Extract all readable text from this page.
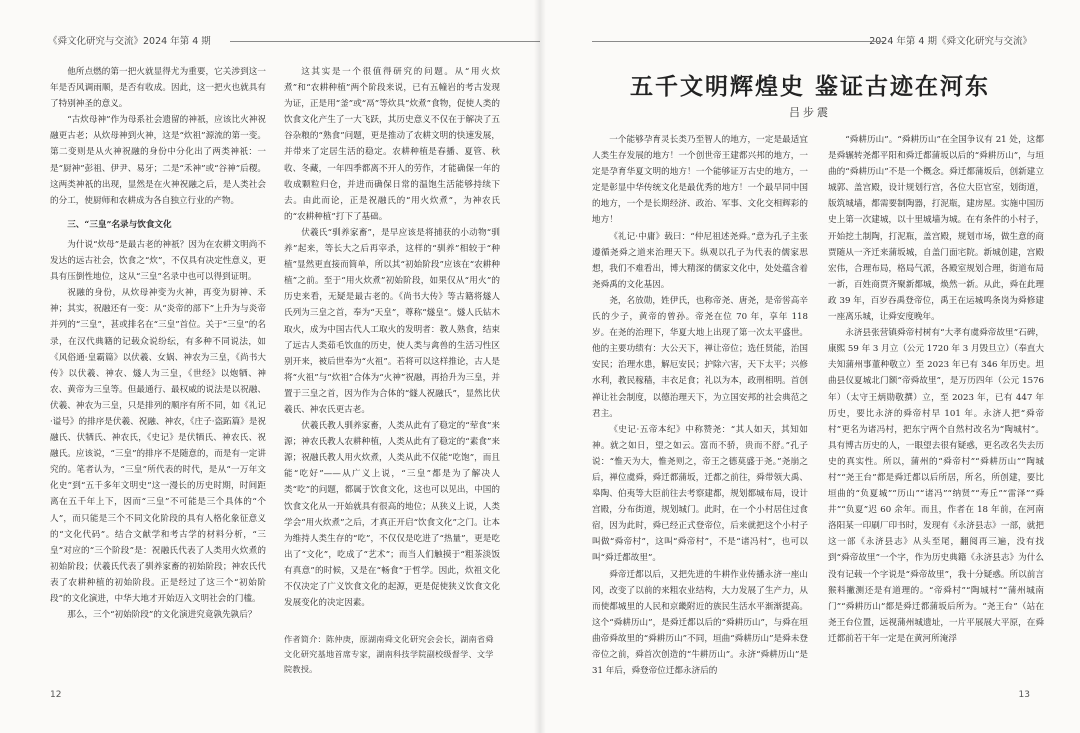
《舜文化研究与交流》2024 年第 4 期

他所点燃的第一把火就显得尤为重要，它关涉到这一年是否风调雨顺，是否有收成。因此，这一把火也就具有了特别神圣的意义。

“古炊母神”作为母系社会遗留的神祇，应该比火神祝融更古老；从炊母神到火神，这是“炊祖”源流的第一变。第二变则是从火神祝融的身份中分化出了两类神祇：一是“厨神”彭祖、伊尹、易牙；二是“禾神”或“谷神”后稷。这两类神祇的出现，显然是在火神祝融之后，是人类社会的分工，使厨师和农耕成为各自独立行业的产物。

三、“三皇”名录与饮食文化

为什说“炊母”是最古老的神祇？因为在农耕文明尚不发达的远古社会，饮食之“炊”，不仅具有决定性意义，更具有压倒性地位，这从“三皇”名录中也可以得到证明。

祝融的身份，从炊母神变为火神，再变为厨神、禾神；其实，祝融还有一变：从“炎帝的部下”上升为与炎帝并列的“三皇”，甚或排名在“三皇”首位。关于“三皇”的名录，在汉代典籍的记载众说纷纭，有多种不同说法，如《风俗通·皇霸篇》以伏羲、女娲、神农为三皇，《尚书大传》以伏羲、神农、燧人为三皇，《世经》以炮牺、神农、黄帝为三皇等。但最通行、最权威的说法是以祝融、伏羲、神农为三皇，只是排列的顺序有所不同，如《礼记·谥号》的排序是伏羲、祝融、神农，《庄子·盗跖篇》是祝融氏、伏牺氏、神农氏，《史记》是伏牺氏、神农氏、祝融氏。应该说，“三皇”的排序不是随意的，而是有一定讲究的。笔者认为，“三皇”所代表的时代，是从“一万年文化史”到“五千多年文明史”这一漫长的历史时期，时间距离在五千年上下，因而“三皇”不可能是三个具体的“个人”，而只能是三个不同文化阶段的具有人格化象征意义的“文化代码”。结合文献学和考古学的材料分析，“三皇”对应的“三个阶段”是：祝融氏代表了人类用火炊煮的初始阶段；伏羲氏代表了驯养家畜的初始阶段；神农氏代表了农耕种植的初始阶段。正是经过了这三个“初始阶段”的文化演进，中华大地才开始迈入文明社会的门槛。

那么，三个“初始阶段”的文化演进究竟孰先孰后？

这其实是一个很值得研究的问题。从“用火炊煮”和“农耕种植”两个阶段来说，已有五幢岩的考古发现为证，正是用“釜”或“鬲”等炊具“炊煮”食物，促使人类的饮食文化产生了一大飞跃，其历史意义不仅在于解决了五谷杂粮的“熟食”问题，更是推动了农耕文明的快速发展，并带来了定居生活的稳定。农耕种植是春播、夏管、秋收、冬藏，一年四季都离不开人的劳作，才能确保一年的收成颗粒归仓，并进而确保日常的温饱生活能够持续下去。由此而论，正是祝融氏的“用火炊煮”，为神农氏的“农耕种植”打下了基础。

伏羲氏“驯养家畜”，是早应该是将捕获的小动物“驯养”起来，等长大之后再宰杀，这样的“驯养”相较于“种植”显然更直接而简单，所以其“初始阶段”应该在“农耕种植”之前。至于“用火炊煮”初始阶段，如果仅从“用火”的历史来看，无疑是最古老的。《尚书大传》等古籍将燧人氏列为三皇之首，奉为“天皇”，尊称“燧皇”。燧人氏钻木取火，成为中国古代人工取火的发明者：教人熟食，结束了远古人类茹毛饮血的历史，使人类与禽兽的生活习性区别开来，被后世奉为“火祖”。若将可以这样推论，古人是将“火祖”与“炊祖”合体为“火神”祝融，再拾升为三皇，并置于三皇之首，因为作为合体的“燧人祝融氏”，显然比伏羲氏、神农氏更古老。

伏羲氏教人驯养家畜，人类从此有了稳定的“荤食”来源；神农氏教人农耕种植，人类从此有了稳定的“素食”来源；祝融氏教人用火炊煮，人类从此不仅能“吃饱”，而且能“吃好”——从广义上说，“三皇”都是为了解决人类“吃”的问题，都属于饮食文化，这也可以见出，中国的饮食文化从一开始就具有很高的地位；从狭义上说，人类学会“用火炊煮”之后，才真正开启“饮食文化”之门。让本为维持人类生存的“吃”，不仅仅是吃进了“热量”，更是吃出了“文化”，吃成了“艺术”；而当人们触摸于“粗茶淡饭有真意”的时候，又是在“畅食”于哲学。因此，炊祖文化不仅决定了广义饮食文化的起源，更是促使狭义饮食文化发展变化的决定因素。

作者简介：陈仲庚，原湖南舜文化研究会会长，湖南省舜文化研究基地首席专家，湖南科技学院副校级督学、文学院教授。
12
2024 年第 4 期《舜文化研究与交流》
五千文明辉煌史 鉴证古迹在河东
吕步震

一个能够孕育灵长类乃至智人的地方，一定是最适宜人类生存发展的地方！一个创世帝王建都兴邦的地方，一定是孕育华夏文明的地方！一个能够证万古史的地方，一定是彰显中华传统文化是最优秀的地方！一个最早同中国的地方，一个是长期经济、政治、军事、文化交相辉彩的地方！

《礼记·中庸》载曰：“仲尼祖述尧舜。”意为孔子主张遵循尧舜之道来治理天下。纵观以孔子为代表的儒家思想，我们不难看出，博大精深的儒家文化中，处处蕴含着尧舜禹的文化基因。

尧，名放勋，姓伊氏，也称帝尧、唐尧，是帝喾高辛氏的少子，黄帝的曾孙。帝尧在位 70 年，享年 118 岁。在尧的治理下，华夏大地上出现了第一次太平盛世。他的主要功绩有：大公天下，禅让帝位；选任贤能，治国安民；治理水患，解厄安民；护除六害，天下太平；兴修水利，教民稼穑，丰衣足食；礼以为本，政刑相明。首创禅让社会制度，以德治理天下，为立国安邦的社会典范之君主。

《史记·五帝本纪》中称赞尧：“其人如天，其知如神。就之如日，望之如云。富而不骄，贵而不舒。”孔子说：“惟天为大，惟尧则之，帝王之德莫盛于尧。”尧崩之后，禅位虞舜，舜迁都蒲坂，迁都之前往，舜带领大禹、皋陶、伯夷等大臣前往去考察建都，规划都城布局，设计宫殿，分布街道，规划城门。此时，在一个小村居住过食宿，因为此时，舜已经正式登帝位，后来就把这个小村子叫做“舜帝村”，这叫“舜帝村”，不是“诸冯村”，也可以叫“舜迁都故里”。

舜帝迁都以后，又把先进的牛耕作业传播永济一座山冈，改变了以前的来粗农业结构，大力发展了生产力，从而使都城里的人民和京畿附近的族民生活水平渐渐提高。这个“舜耕历山”，是舜迁都以后的“舜耕历山”，与舜在垣曲帝舜故里的“舜耕历山”不同，垣曲“舜耕历山”是舜未登帝位之前，舜首次创造的“牛耕历山”。永济“舜耕历山”是 31 年后，舜登帝位迁都永济后的

“舜耕历山”。“舜耕历山”在全国争议有 21 处，这都是舜辗转尧都平阳和舜迁都蒲坂以后的“舜耕历山”，与垣曲的“舜耕历山”不是一个概念。舜迁都蒲坂后，创新建立城郭、盖宫殿，设计规划行宫，各位大臣官室，划街道，版筑城墙，都需要制陶器，打泥瓶，建房屋。实施中国历史上第一次建城，以十里城墙为城。在有条件的小村子，开始挖土制陶，打泥瓶，盖宫殿，规划市场，做生意的商贾随从一齐迁来蒲坂城，自盖门面宅院。新城创建，宫殿宏伟，合理布局，格局气派，各殿室规划合理，街道布局一新，百姓商贾齐聚新都城，焕然一新。从此，舜在此理政 39 年，百岁吞禹登帝位，禹王在运城鸣条岗为舜修建一座离乐城，让舜安度晚年。

永济县张营镇舜帝村树有“大孝有虞舜帝故里”石碑，康熙 59 年 3 月立（公元 1720 年 3 月毁旦立）（奉直大夫知蒲州事董种敬立）至 2023 年已有 346 年历史。坦曲县仪夏城北门额“帝舜故里”，是万历四年（公元 1576 年）（太守王炳勋敬撰）立，至 2023 年，已有 447 年历史，要比永济的舜帝村早 101 年。永济人把“舜帝村”更名为诸冯村，把东宁两个自然村改名为“陶城村”。具有博古历史的人，一眼望去很有疑惑，更名改名失去历史的真实性。所以，蒲州的“舜帝村”“舜耕历山”“陶城村”“尧王台”都是舜迁都以后所居，所名，所创建，要比垣曲的“负夏城”“历山”“诸冯”“纳贤”“寿丘”“雷泽”“舜井”“负夏”迟 60 余年。而且，作者在 18 年前，在河南洛阳某一印刷厂印书时，发现有《永济县志》一部，就把这一部《永济县志》从头至尾，翻阅再三遍，没有找到“舜帝故里”一个字，作为历史典籍《永济县志》为什么没有记载一个字说是“舜帝故里”，我十分疑惑。所以前言猴料撇测还是有道理的。“帝舜村”“陶城村”“蒲州城南门”“舜耕历山”都是舜迁都蒲坂后所为。“尧王台”（站在尧王台位置，远视蒲州城遗址，一片平展展大平原，在舜迁都前若干年一定是在黄河所淹浮

13
